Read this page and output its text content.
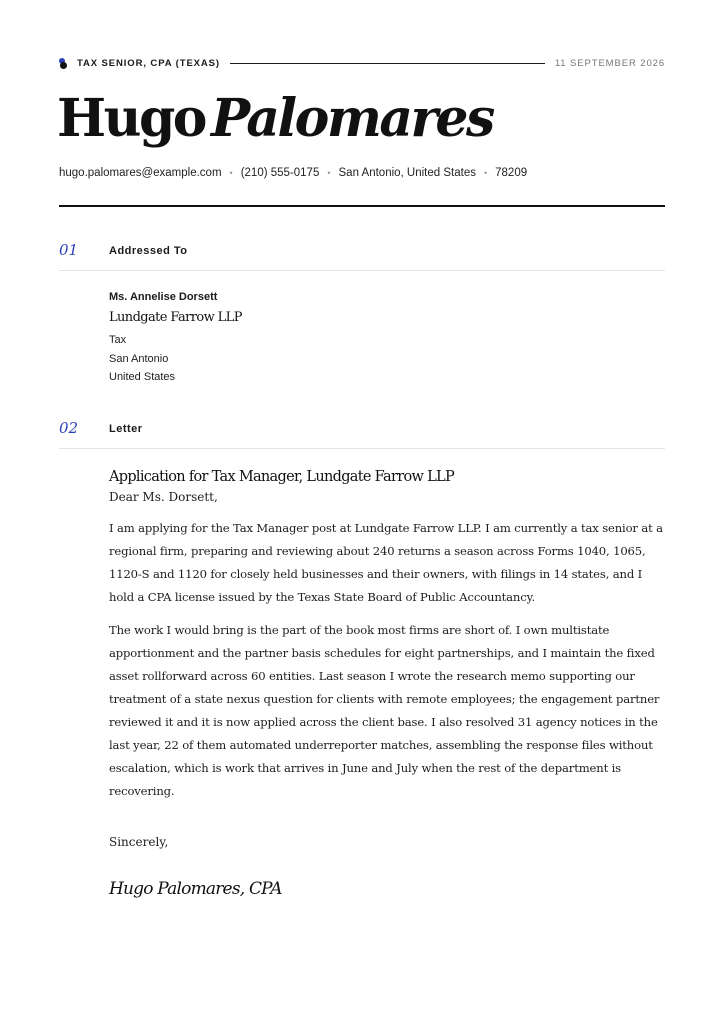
TAX SENIOR, CPA (TEXAS)	11 SEPTEMBER 2026
Hugo Palomares
hugo.palomares@example.com • (210) 555-0175 • San Antonio, United States • 78209
01	Addressed To
Ms. Annelise Dorsett
Lundgate Farrow LLP
Tax
San Antonio
United States
02	Letter
Application for Tax Manager, Lundgate Farrow LLP
Dear Ms. Dorsett,

I am applying for the Tax Manager post at Lundgate Farrow LLP. I am currently a tax senior at a regional firm, preparing and reviewing about 240 returns a season across Forms 1040, 1065, 1120-S and 1120 for closely held businesses and their owners, with filings in 14 states, and I hold a CPA license issued by the Texas State Board of Public Accountancy.

The work I would bring is the part of the book most firms are short of. I own multistate apportionment and the partner basis schedules for eight partnerships, and I maintain the fixed asset rollforward across 60 entities. Last season I wrote the research memo supporting our treatment of a state nexus question for clients with remote employees; the engagement partner reviewed it and it is now applied across the client base. I also resolved 31 agency notices in the last year, 22 of them automated underreporter matches, assembling the response files without escalation, which is work that arrives in June and July when the rest of the department is recovering.

Sincerely,
Hugo Palomares, CPA
